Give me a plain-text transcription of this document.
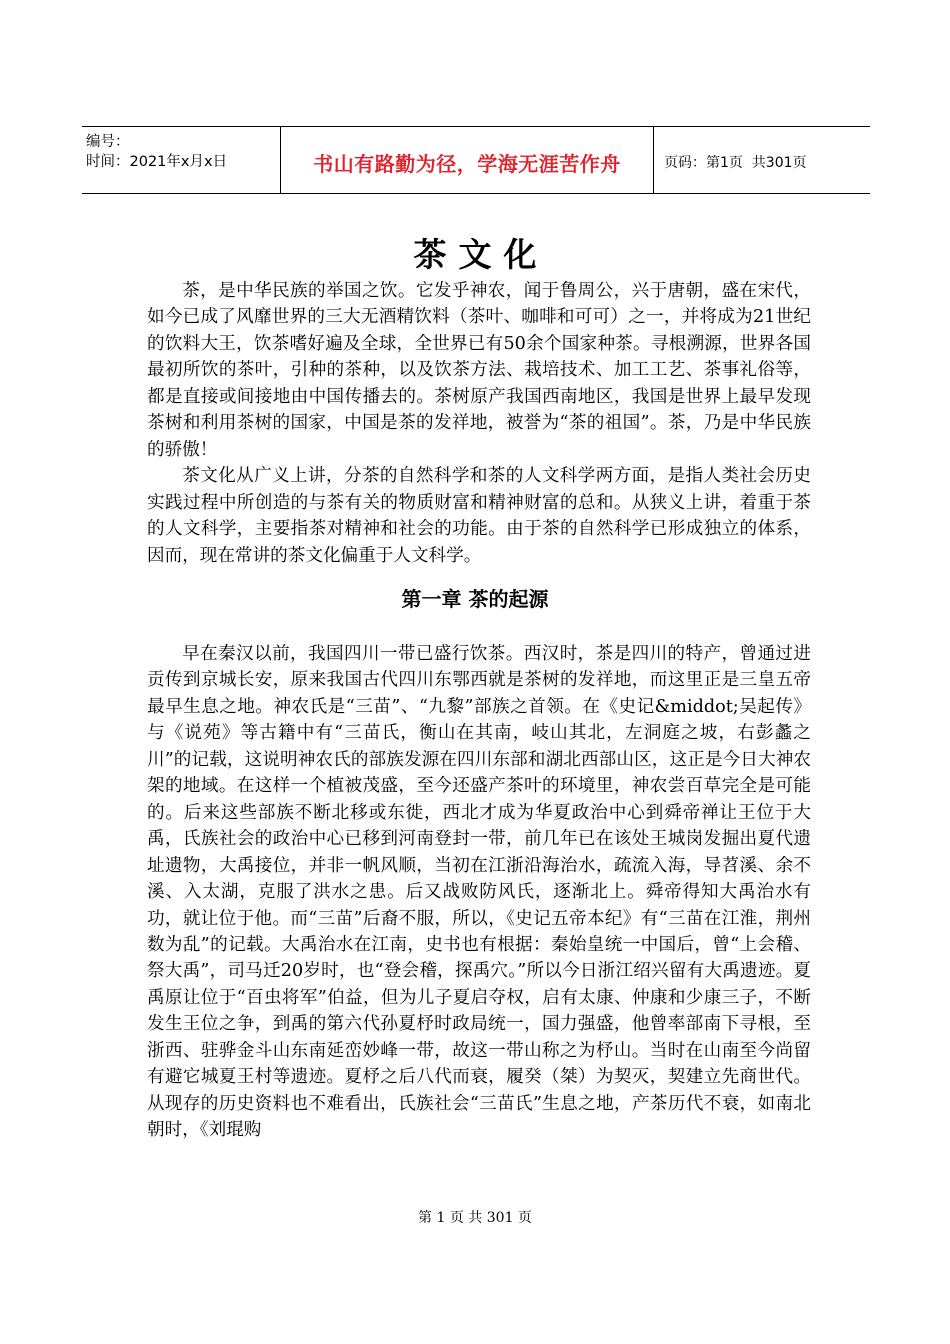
编号：
时间：2021年x月x日	书山有路勤为径，学海无涯苦作舟	页码：第1页  共301页
茶文化

茶，是中华民族的举国之饮。它发乎神农，闻于鲁周公，兴于唐朝，盛在宋代，如今已成了风靡世界的三大无酒精饮料（茶叶、咖啡和可可）之一，并将成为21世纪的饮料大王，饮茶嗜好遍及全球，全世界已有50余个国家种茶。寻根溯源，世界各国最初所饮的茶叶，引种的茶种，以及饮茶方法、栽培技术、加工工艺、茶事礼俗等，都是直接或间接地由中国传播去的。茶树原产我国西南地区，我国是世界上最早发现茶树和利用茶树的国家，中国是茶的发祥地，被誉为“茶的祖国”。茶，乃是中华民族的骄傲！

茶文化从广义上讲，分茶的自然科学和茶的人文科学两方面，是指人类社会历史实践过程中所创造的与茶有关的物质财富和精神财富的总和。从狭义上讲，着重于茶的人文科学，主要指茶对精神和社会的功能。由于茶的自然科学已形成独立的体系，因而，现在常讲的茶文化偏重于人文科学。

第一章 茶的起源

早在秦汉以前，我国四川一带已盛行饮茶。西汉时，茶是四川的特产，曾通过进贡传到京城长安，原来我国古代四川东鄂西就是茶树的发祥地，而这里正是三皇五帝最早生息之地。神农氏是“三苗”、“九黎”部族之首领。在《史记&middot;吴起传》与《说苑》等古籍中有“三苗氏，衡山在其南，岐山其北，左洞庭之坡，右彭蠡之川”的记载，这说明神农氏的部族发源在四川东部和湖北西部山区，这正是今日大神农架的地域。在这样一个植被茂盛，至今还盛产茶叶的环境里，神农尝百草完全是可能的。后来这些部族不断北移或东徙，西北才成为华夏政治中心到舜帝禅让王位于大禹，氏族社会的政治中心已移到河南登封一带，前几年已在该处王城岗发掘出夏代遗址遗物，大禹接位，并非一帆风顺，当初在江浙沿海治水，疏流入海，导苕溪、余不溪、入太湖，克服了洪水之患。后又战败防风氏，逐渐北上。舜帝得知大禹治水有功，就让位于他。而“三苗”后裔不服，所以，《史记五帝本纪》有“三苗在江淮，荆州数为乱”的记载。大禹治水在江南，史书也有根据：秦始皇统一中国后，曾“上会稽、祭大禹”，司马迁20岁时，也“登会稽，探禹穴。”所以今日浙江绍兴留有大禹遗迹。夏禹原让位于“百虫将军”伯益，但为儿子夏启夺权，启有太康、仲康和少康三子，不断发生王位之争，到禹的第六代孙夏杼时政局统一，国力强盛，他曾率部南下寻根，至浙西、驻骅金斗山东南延峦妙峰一带，故这一带山称之为杼山。当时在山南至今尚留有避它城夏王村等遗迹。夏杼之后八代而衰，履癸（桀）为契灭，契建立先商世代。从现存的历史资料也不难看出，氏族社会“三苗氏”生息之地，产茶历代不衰，如南北朝时，《刘琨购

第 1 页 共 301 页
